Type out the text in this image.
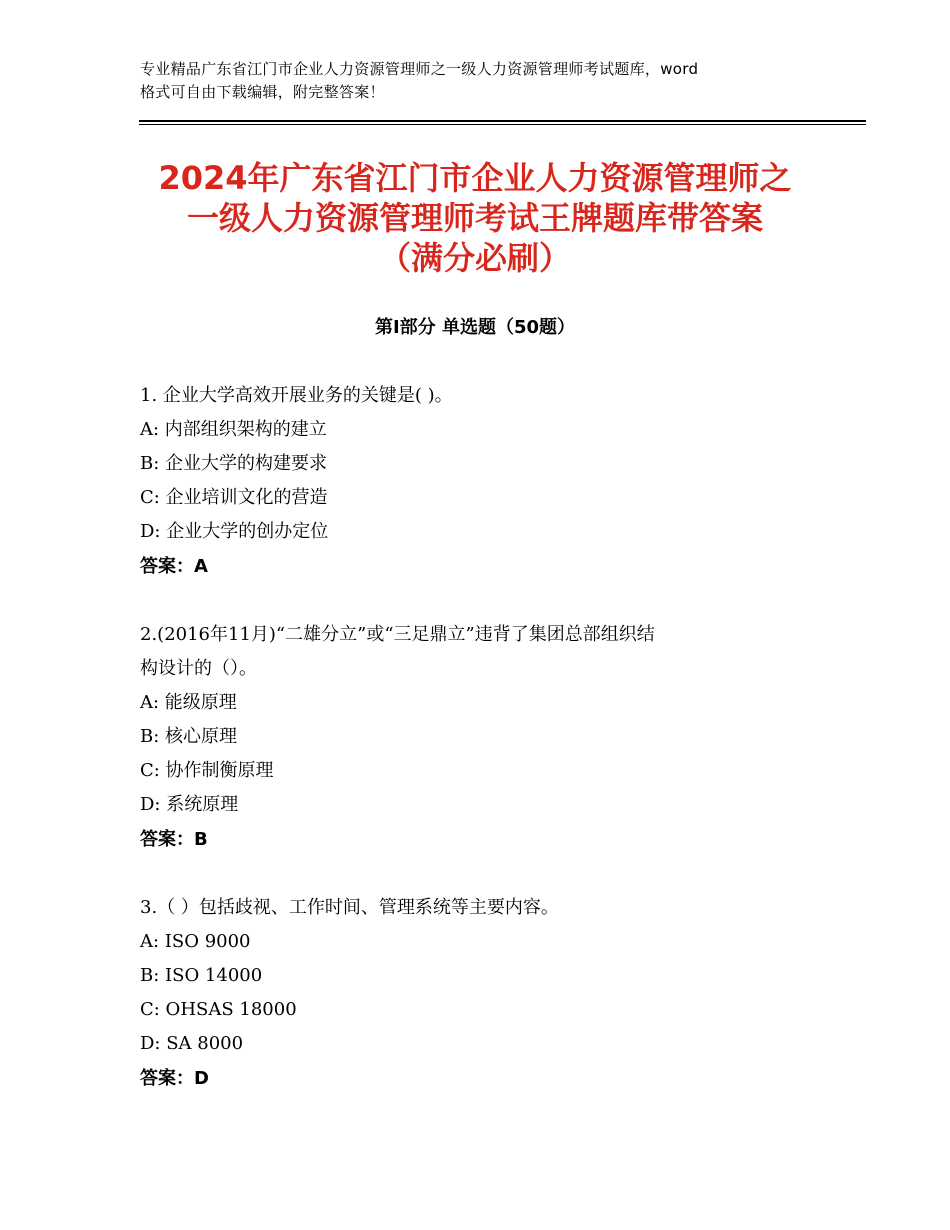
专业精品广东省江门市企业人力资源管理师之一级人力资源管理师考试题库，word
格式可自由下载编辑，附完整答案！
2024年广东省江门市企业人力资源管理师之
一级人力资源管理师考试王牌题库带答案
（满分必刷）
第Ⅰ部分 单选题（50题）
1. 企业大学高效开展业务的关键是( )。
A: 内部组织架构的建立
B: 企业大学的构建要求
C: 企业培训文化的营造
D: 企业大学的创办定位
答案：A
2.(2016年11月)“二雄分立”或“三足鼎立”违背了集团总部组织结
构设计的（）。
A: 能级原理
B: 核心原理
C: 协作制衡原理
D: 系统原理
答案：B
3.（ ）包括歧视、工作时间、管理系统等主要内容。
A: ISO 9000
B: ISO 14000
C: OHSAS 18000
D: SA 8000
答案：D
